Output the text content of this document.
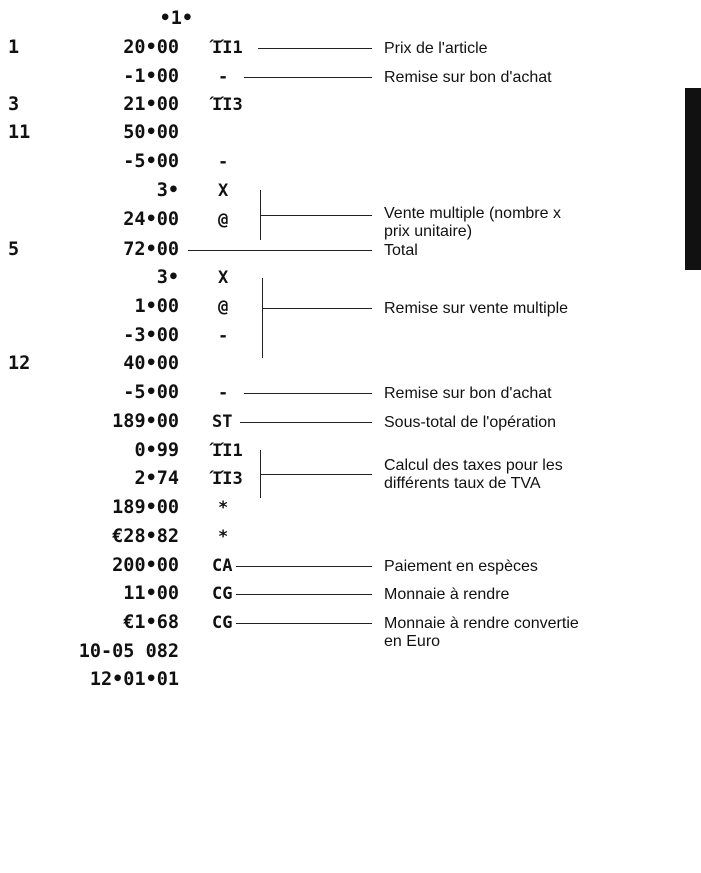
•1•
1	20•00 ΊΊ1
-1•00 -
3	21•00 ΊΊ3
11	50•00
-5•00 -
3• X
24•00 @
5	72•00
3• X
1•00 @
-3•00 -
12	40•00
-5•00 -
189•00 ST
0•99 ΊΊ1
2•74 ΊΊ3
189•00 *
€28•82 *
200•00 CA
11•00 CG
€1•68 CG
10-05 082
12•01•01
Prix de l'article
Remise sur bon d'achat
Vente multiple (nombre x
prix unitaire)
Total
Remise sur vente multiple
Remise sur bon d'achat
Sous-total de l'opération
Calcul des taxes pour les
différents taux de TVA
Paiement en espèces
Monnaie à rendre
Monnaie à rendre convertie
en Euro
